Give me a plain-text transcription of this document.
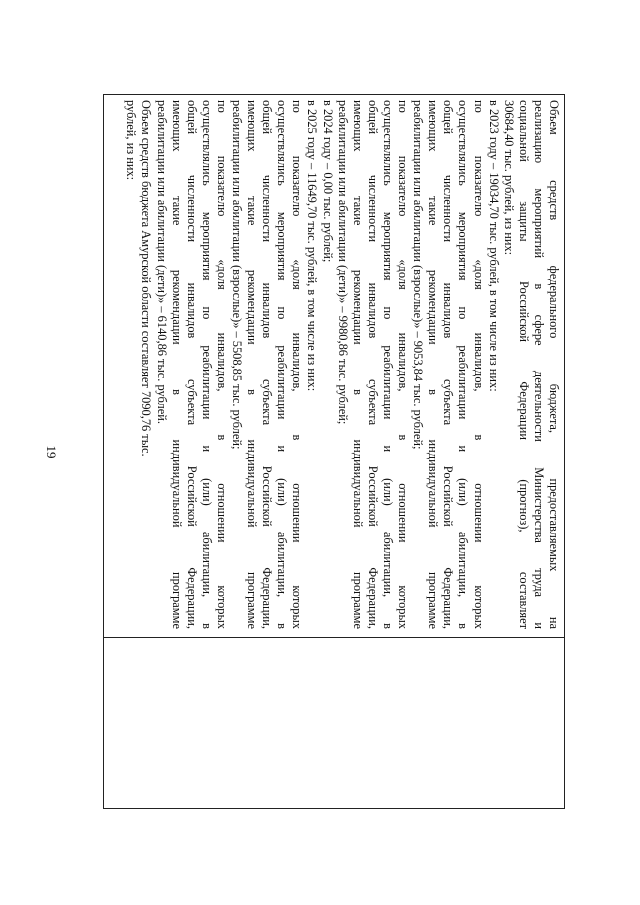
19	Объем средств федерального бюджета, предоставляемых на
реализацию мероприятий в сфере деятельности Министерства труда и
социальной защиты Российской Федерации (прогноз), составляет
30684,40 тыс. рублей, из них:
в 2023 году – 19034,70 тыс. рублей, в том числе из них:
по показателю «доля инвалидов, в отношении которых
осуществлялись мероприятия по реабилитации и (или) абилитации, в
общей численности инвалидов субъекта Российской Федерации,
имеющих такие рекомендации в индивидуальной программе
реабилитации или абилитации (взрослые)» – 9053,84 тыс. рублей;
по показателю «доля инвалидов, в отношении которых
осуществлялись мероприятия по реабилитации и (или) абилитации, в
общей численности инвалидов субъекта Российской Федерации,
имеющих такие рекомендации в индивидуальной программе
реабилитации или абилитации (дети)» – 9980,86 тыс. рублей;
в 2024 году – 0,00 тыс. рублей;
в 2025 году – 11649,70 тыс. рублей, в том числе из них:
по показателю «доля инвалидов, в отношении которых
осуществлялись мероприятия по реабилитации и (или) абилитации, в
общей численности инвалидов субъекта Российской Федерации,
имеющих такие рекомендации в индивидуальной программе
реабилитации или абилитации (взрослые)» – 5508,85 тыс. рублей;
по показателю «доля инвалидов, в отношении которых
осуществлялись мероприятия по реабилитации и (или) абилитации, в
общей численности инвалидов субъекта Российской Федерации,
имеющих такие рекомендации в индивидуальной программе
реабилитации или абилитации (дети)» – 6140,86 тыс. рублей.
Объем средств бюджета Амурской области составляет 7090,76 тыс.
рублей, из них:
